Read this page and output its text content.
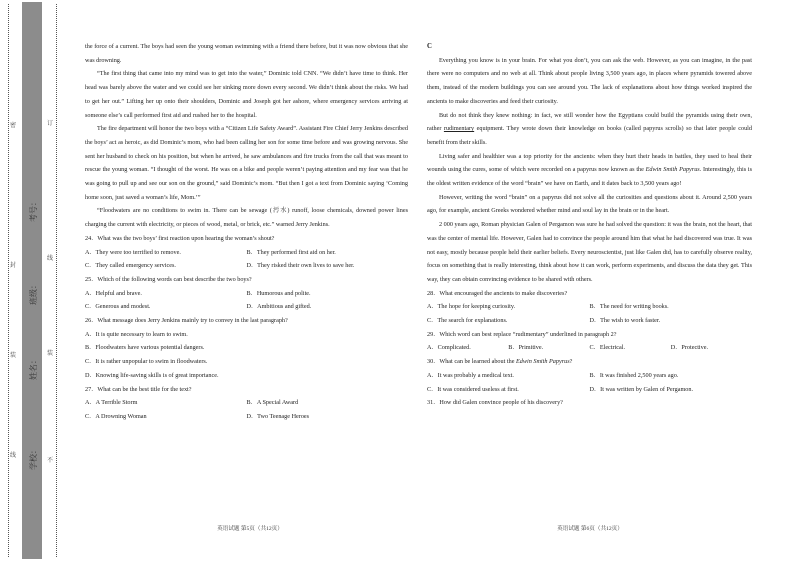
订
线
装
不
密
封
装
线 学校：
姓名：
班级：
考号：

the force of a current. The boys had seen the young woman swimming with a friend there before, but it was now obvious that she was drowning.

“The first thing that came into my mind was to get into the water,” Dominic told CNN. “We didn’t have time to think. Her head was barely above the water and we could see her sinking more down every second. We didn’t think about the risks. We had to get her out.” Lifting her up onto their shoulders, Dominic and Joseph got her ashore, where emergency services arriving at someone else’s call performed first aid and rushed her to the hospital.

The fire department will honor the two boys with a “Citizen Life Safety Award”. Assistant Fire Chief Jerry Jenkins described the boys’ act as heroic, as did Dominic’s mom, who had been calling her son for some time before and was growing nervous. She sent her husband to check on his position, but when he arrived, he saw ambulances and fire trucks from the call that was meant to rescue the young woman. “I thought of the worst. He was on a bike and people weren’t paying attention and my fear was that he was going to pull up and see our son on the ground,” said Dominic’s mom. “But then I got a text from Dominic saying ‘Coming home soon, just saved a woman’s life, Mom.’”

“Floodwaters are no conditions to swim in. There can be sewage (污水) runoff, loose chemicals, downed power lines charging the current with electricity, or pieces of wood, metal, or brick, etc.” warned Jerry Jenkins.

24．What was the two boys’ first reaction upon hearing the woman’s shout?

A．They were too terrified to remove.	B．They performed first aid on her.
C．They called emergency services.	D．They risked their own lives to save her.

25．Which of the following words can best describe the two boys?

A．Helpful and brave.	B．Humorous and polite.
C．Generous and modest.	D．Ambitious and gifted.

26．What message does Jerry Jenkins mainly try to convey in the last paragraph?

A．It is quite necessary to learn to swim.

B．Floodwaters have various potential dangers.

C．It is rather unpopular to swim in floodwaters.

D．Knowing life-saving skills is of great importance.

27．What can be the best title for the text?

A．A Terrible Storm	B．A Special Award
C．A Drowning Woman	D．Two Teenage Heroes

C

Everything you know is in your brain. For what you don’t, you can ask the web. However, as you can imagine, in the past there were no computers and no web at all. Think about people living 3,500 years ago, in places where pyramids towered above them, instead of the modern buildings you can see around you. The lack of explanations about how things worked inspired the ancients to make discoveries and feed their curiosity.

But do not think they knew nothing: in fact, we still wonder how the Egyptians could build the pyramids using their own, rather rudimentary equipment. They wrote down their knowledge on books (called papyrus scrolls) so that later people could benefit from their skills.

Living safer and healthier was a top priority for the ancients: when they hurt their heads in battles, they used to heal their wounds using the cures, some of which were recorded on a papyrus now known as the Edwin Smith Papyrus. Interestingly, this is the oldest written evidence of the word “brain” we have on Earth, and it dates back to 3,500 years ago!

However, writing the word “brain” on a papyrus did not solve all the curiosities and questions about it. Around 2,500 years ago, for example, ancient Greeks wondered whether mind and soul lay in the brain or in the heart.

2 000 years ago, Roman physician Galen of Pergamon was sure he had solved the question: it was the brain, not the heart, that was the center of mental life. However, Galen had to convince the people around him that what he had discovered was true. It was not easy, mostly because people held their earlier beliefs. Every neuroscientist, just like Galen did, has to carefully observe reality, focus on something that is really interesting, think about how it can work, perform experiments, and discuss the data they get. This way, they can obtain convincing evidence to be shared with others.

28．What encouraged the ancients to make discoveries?

A．The hope for keeping curiosity.	B．The need for writing books.
C．The search for explanations.	D．The wish to work faster.

29．Which word can best replace “rudimentary” underlined in paragraph 2?

A．Complicated.	B．Primitive.	C．Electrical.	D．Protective.

30．What can be learned about the Edwin Smith Papyrus?

A．It was probably a medical text.	B．It was finished 2,500 years ago.
C．It was considered useless at first.	D．It was written by Galen of Pergamon.

31．How did Galen convince people of his discovery?

英语试题 第5页（共12页）	英语试题 第6页（共12页）
